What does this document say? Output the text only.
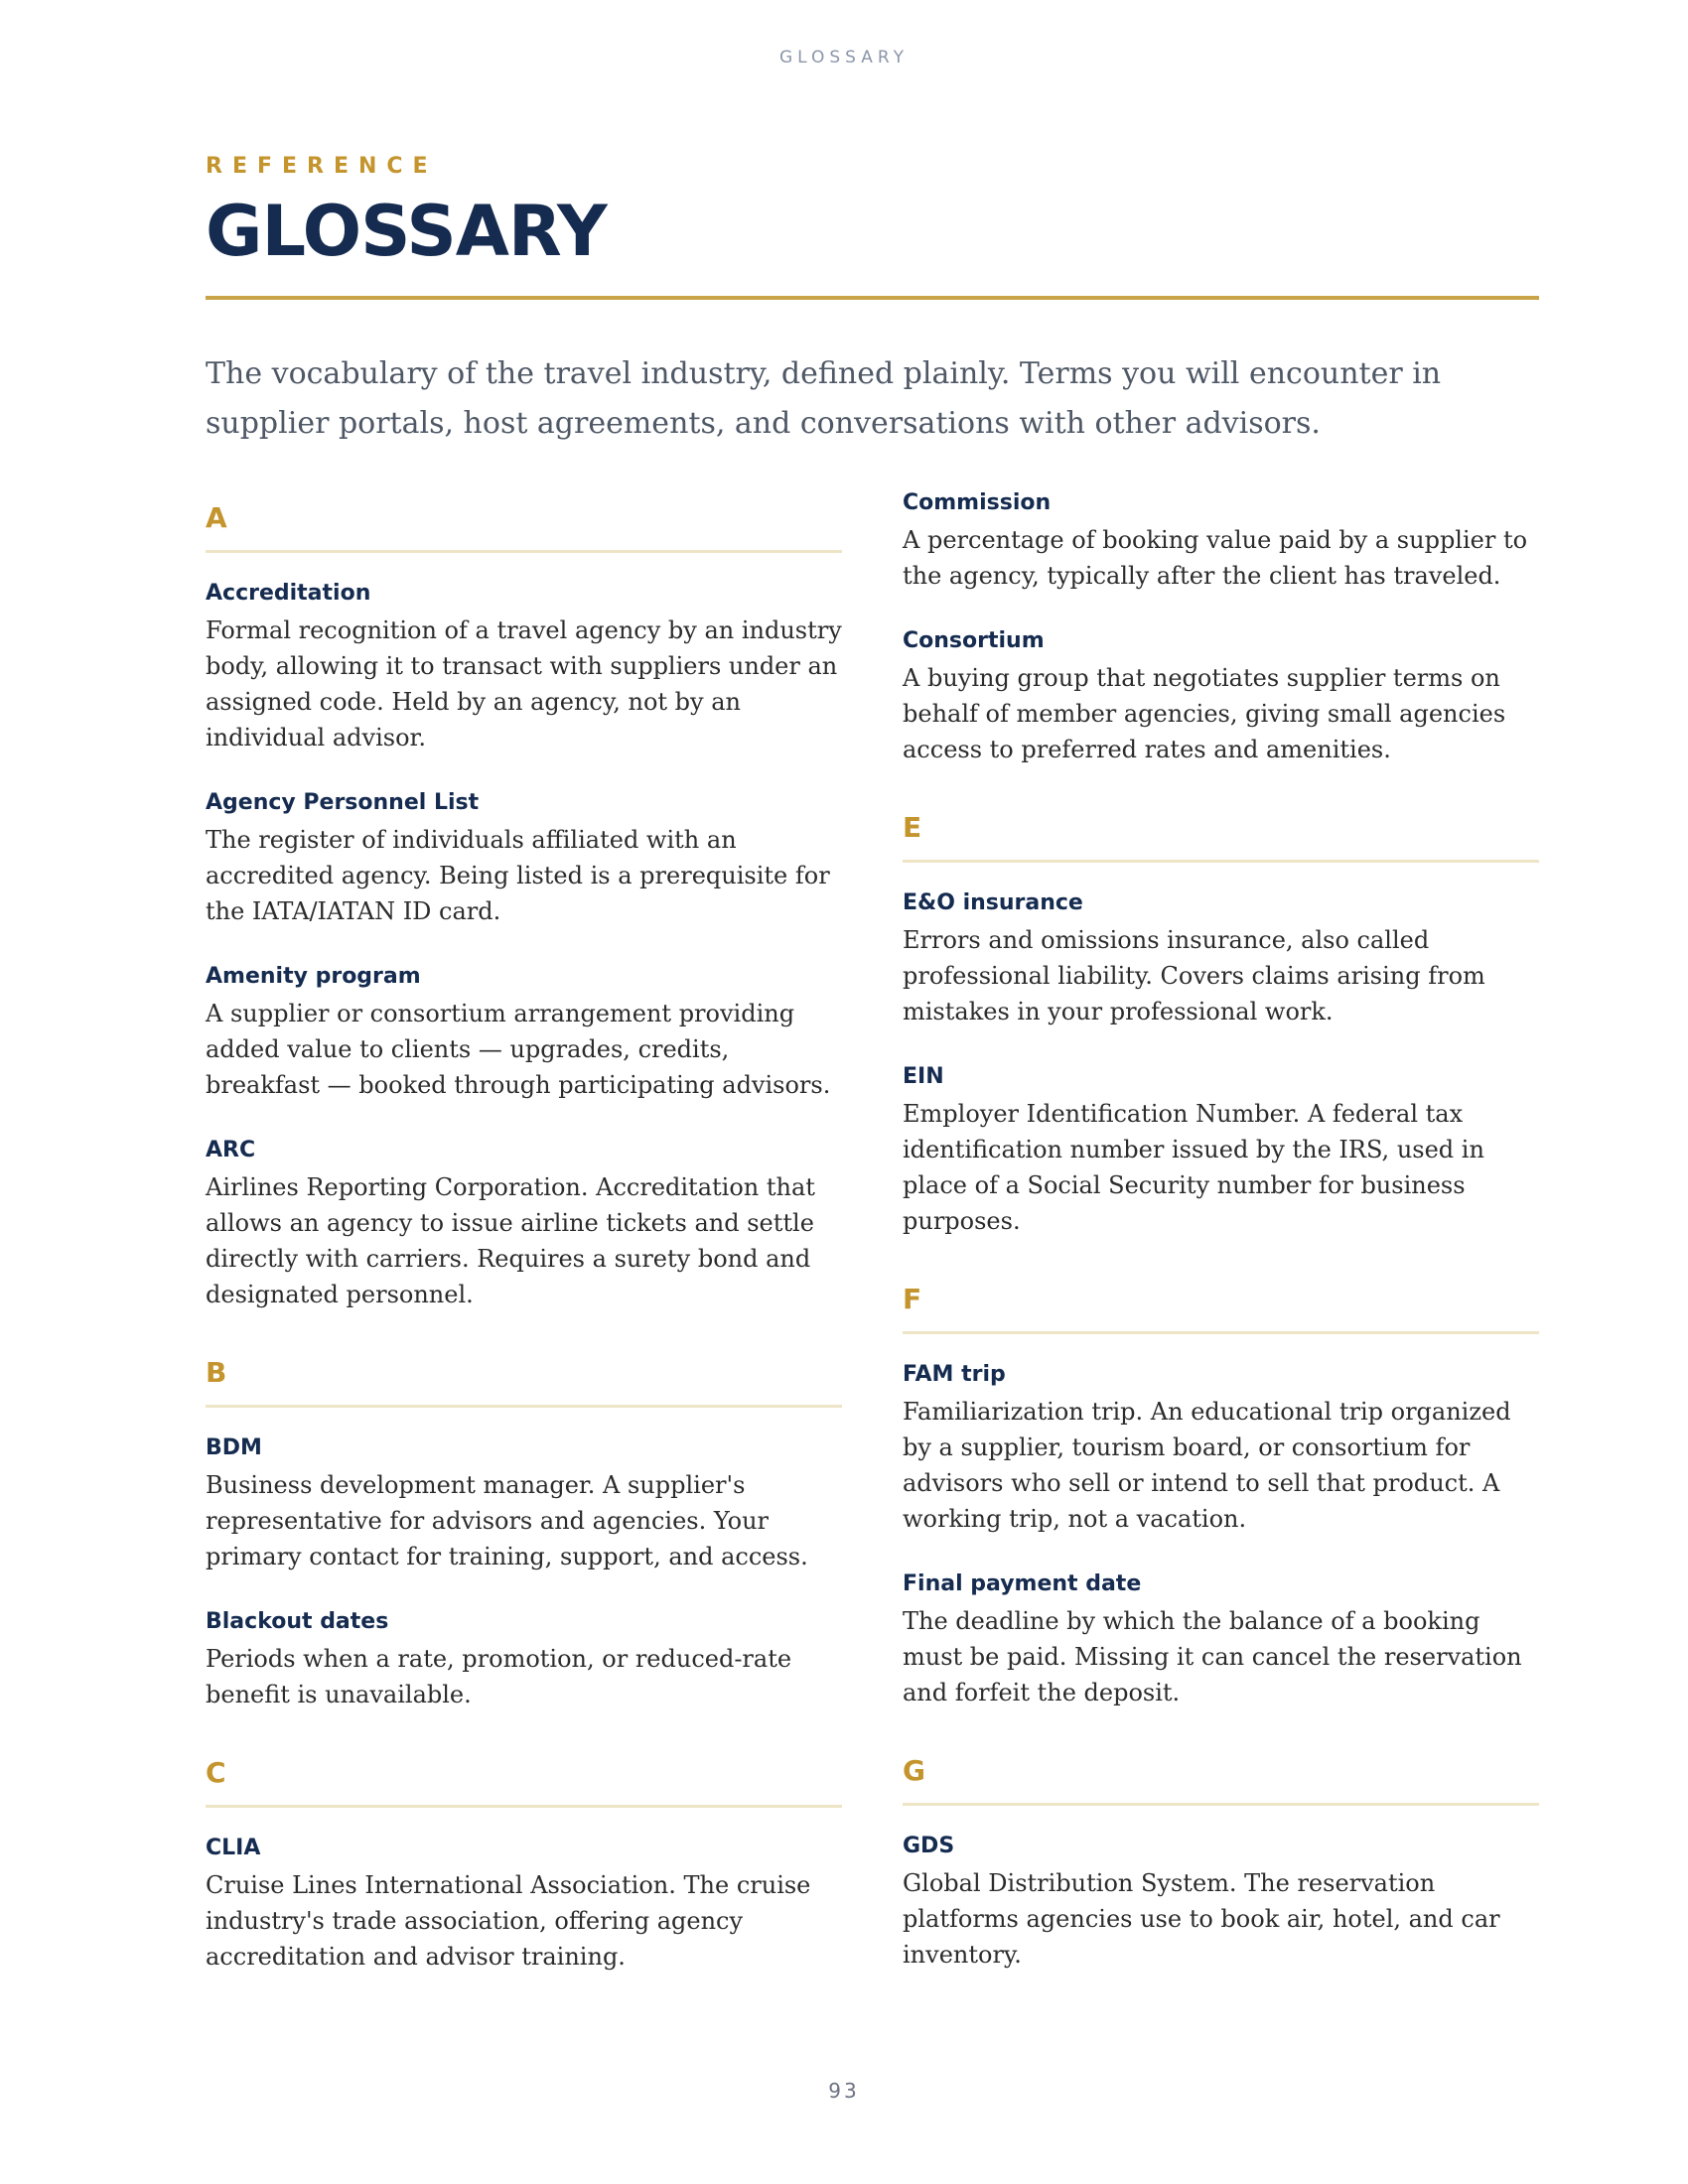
GLOSSARY

REFERENCE

GLOSSARY

The vocabulary of the travel industry, defined plainly. Terms you will encounter in supplier portals, host agreements, and conversations with other advisors.

A
Accreditation
Formal recognition of a travel agency by an industry body, allowing it to transact with suppliers under an assigned code. Held by an agency, not by an individual advisor.
Agency Personnel List
The register of individuals affiliated with an accredited agency. Being listed is a prerequisite for the IATA/IATAN ID card.
Amenity program
A supplier or consortium arrangement providing added value to clients — upgrades, credits, breakfast — booked through participating advisors.
ARC
Airlines Reporting Corporation. Accreditation that allows an agency to issue airline tickets and settle directly with carriers. Requires a surety bond and designated personnel.
B
BDM
Business development manager. A supplier's representative for advisors and agencies. Your primary contact for training, support, and access.
Blackout dates
Periods when a rate, promotion, or reduced-rate benefit is unavailable.
C
CLIA
Cruise Lines International Association. The cruise industry's trade association, offering agency accreditation and advisor training.
Commission
A percentage of booking value paid by a supplier to the agency, typically after the client has traveled.
Consortium
A buying group that negotiates supplier terms on behalf of member agencies, giving small agencies access to preferred rates and amenities.
E
E&O insurance
Errors and omissions insurance, also called professional liability. Covers claims arising from mistakes in your professional work.
EIN
Employer Identification Number. A federal tax identification number issued by the IRS, used in place of a Social Security number for business purposes.
F
FAM trip
Familiarization trip. An educational trip organized by a supplier, tourism board, or consortium for advisors who sell or intend to sell that product. A working trip, not a vacation.
Final payment date
The deadline by which the balance of a booking must be paid. Missing it can cancel the reservation and forfeit the deposit.
G
GDS
Global Distribution System. The reservation platforms agencies use to book air, hotel, and car inventory.
93
